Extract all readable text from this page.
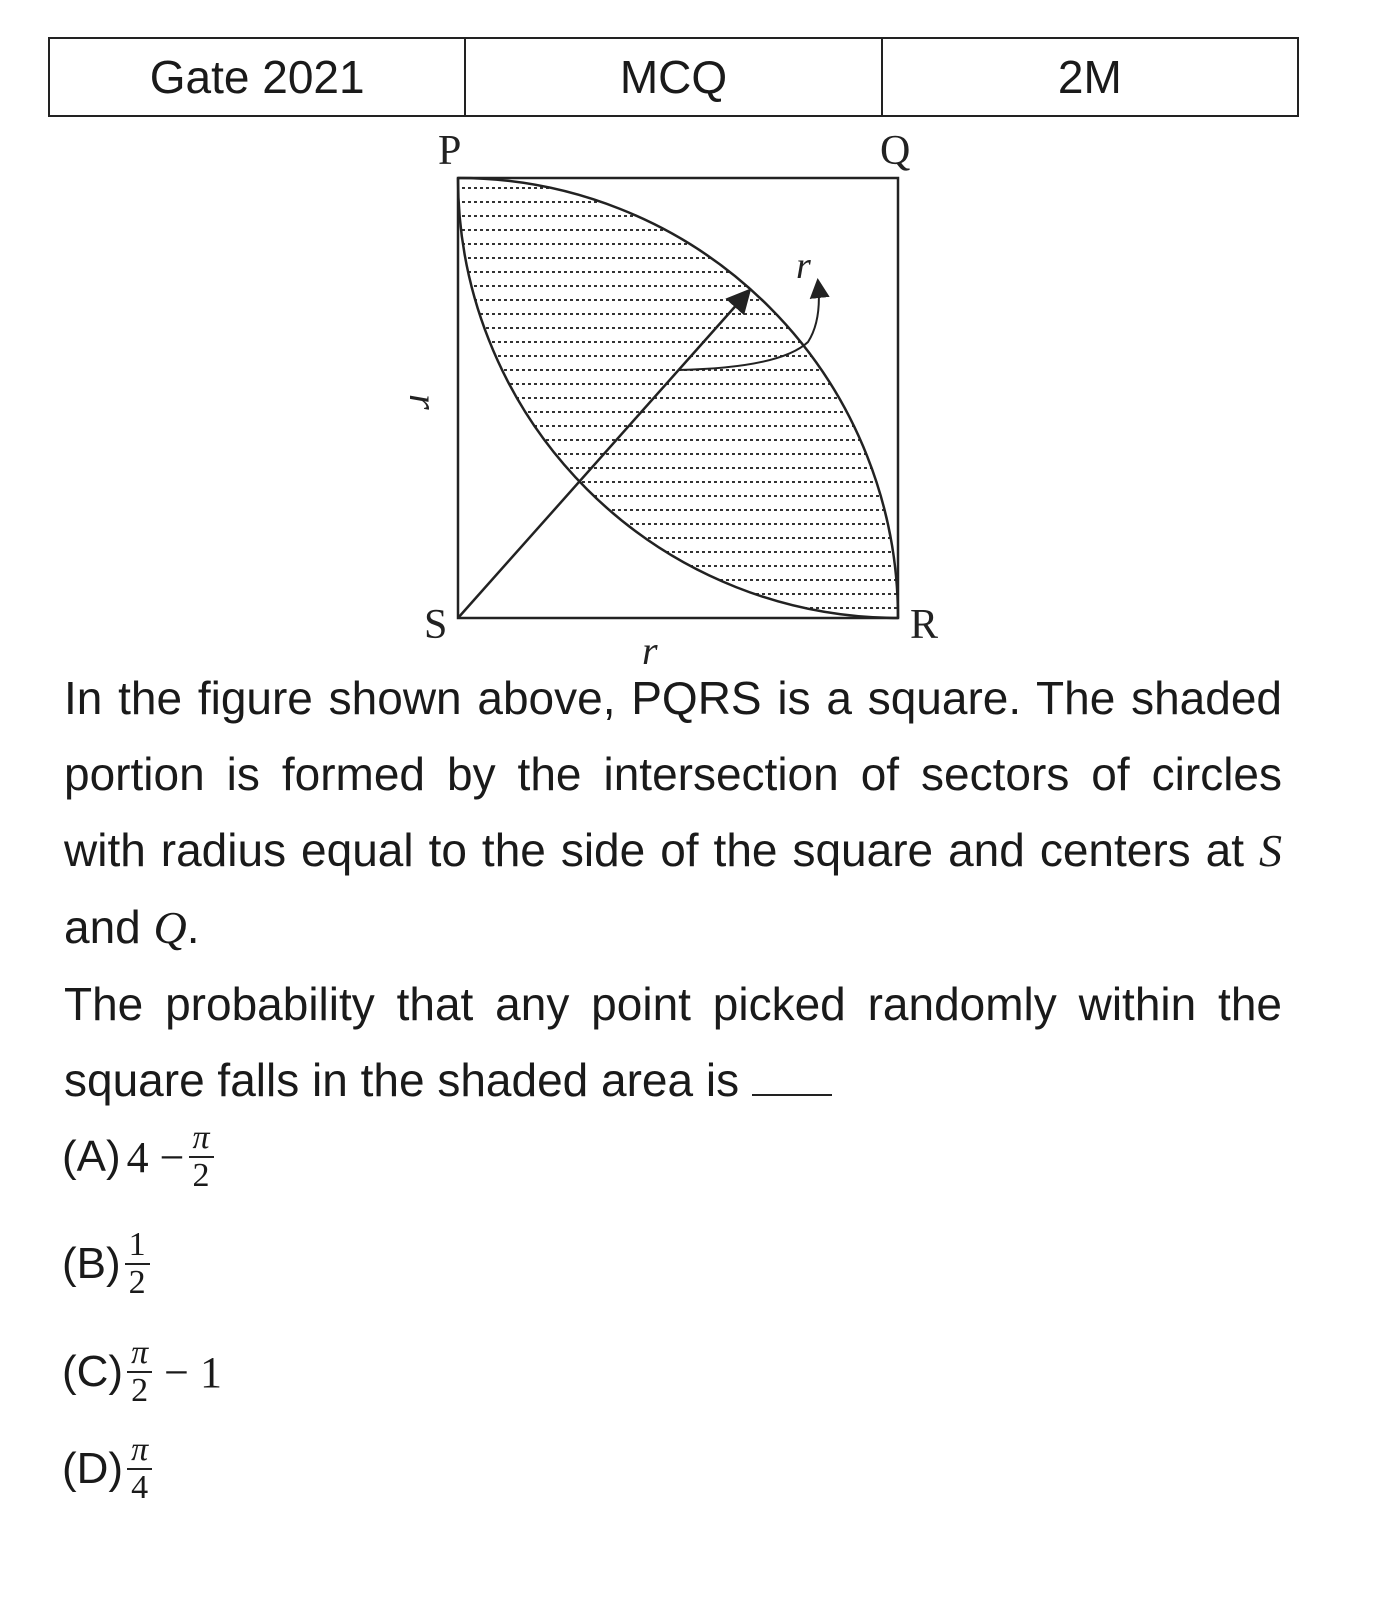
Gate 2021	MCQ	2M
P	Q
S	R
r
r
r

In the figure shown above, PQRS is a square. The shaded portion is formed by the intersection of sectors of circles with radius equal to the side of the square and centers at S and Q.

The probability that any point picked randomly within the square falls in the shaded area is

(A) $4 - \frac{\pi}{2}$
$(B) \frac{1}{2}$
$(C) \frac{\pi}{2} - 1$
$(D) \frac{\pi}{4}$
